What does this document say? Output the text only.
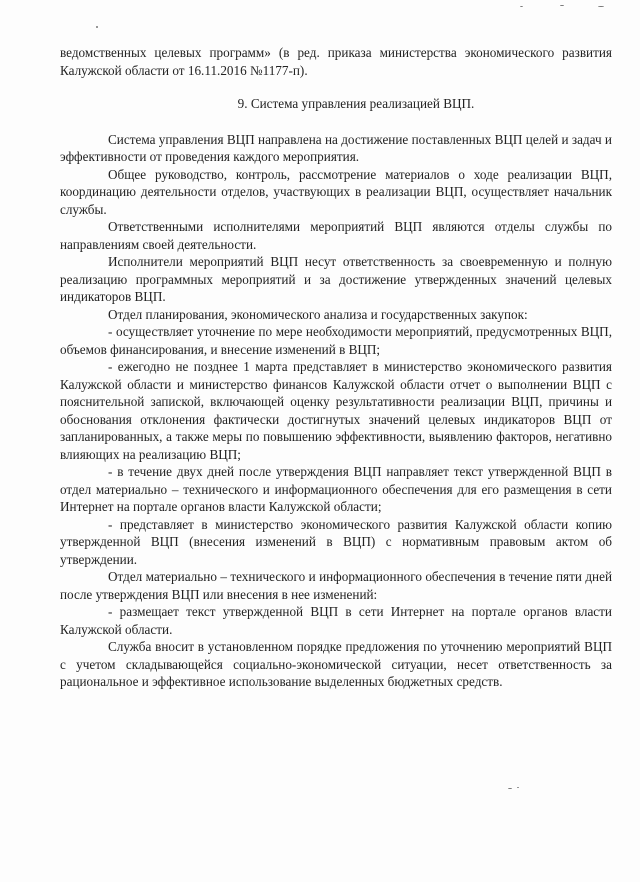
ведомственных целевых программ» (в ред. приказа министерства экономического развития Калужской области от 16.11.2016 №1177-п).

9. Система управления реализацией ВЦП.

Система управления ВЦП направлена на достижение поставленных ВЦП целей и задач и эффективности от проведения каждого мероприятия.

Общее руководство, контроль, рассмотрение материалов о ходе реализации ВЦП, координацию деятельности отделов, участвующих в реализации ВЦП, осуществляет начальник службы.

Ответственными исполнителями мероприятий ВЦП являются отделы службы по направлениям своей деятельности.

Исполнители мероприятий ВЦП несут ответственность за своевременную и полную реализацию программных мероприятий и за достижение утвержденных значений целевых индикаторов ВЦП.

Отдел планирования, экономического анализа и государственных закупок:

- осуществляет уточнение по мере необходимости мероприятий, предусмотренных ВЦП, объемов финансирования, и внесение изменений в ВЦП;

- ежегодно не позднее 1 марта представляет в министерство экономического развития Калужской области и министерство финансов Калужской области отчет о выполнении ВЦП с пояснительной запиской, включающей оценку результативности реализации ВЦП, причины и обоснования отклонения фактически достигнутых значений целевых индикаторов ВЦП от запланированных, а также меры по повышению эффективности, выявлению факторов, негативно влияющих на реализацию ВЦП;

- в течение двух дней после утверждения ВЦП направляет текст утвержденной ВЦП в отдел материально – технического и информационного обеспечения для его размещения в сети Интернет на портале органов власти Калужской области;

- представляет в министерство экономического развития Калужской области копию утвержденной ВЦП (внесения изменений в ВЦП) с нормативным правовым актом об утверждении.

Отдел материально – технического и информационного обеспечения в течение пяти дней после утверждения ВЦП или внесения в нее изменений:

- размещает текст утвержденной ВЦП в сети Интернет на портале органов власти Калужской области.

Служба вносит в установленном порядке предложения по уточнению мероприятий ВЦП с учетом складывающейся социально-экономической ситуации, несет ответственность за рациональное и эффективное использование выделенных бюджетных средств.
